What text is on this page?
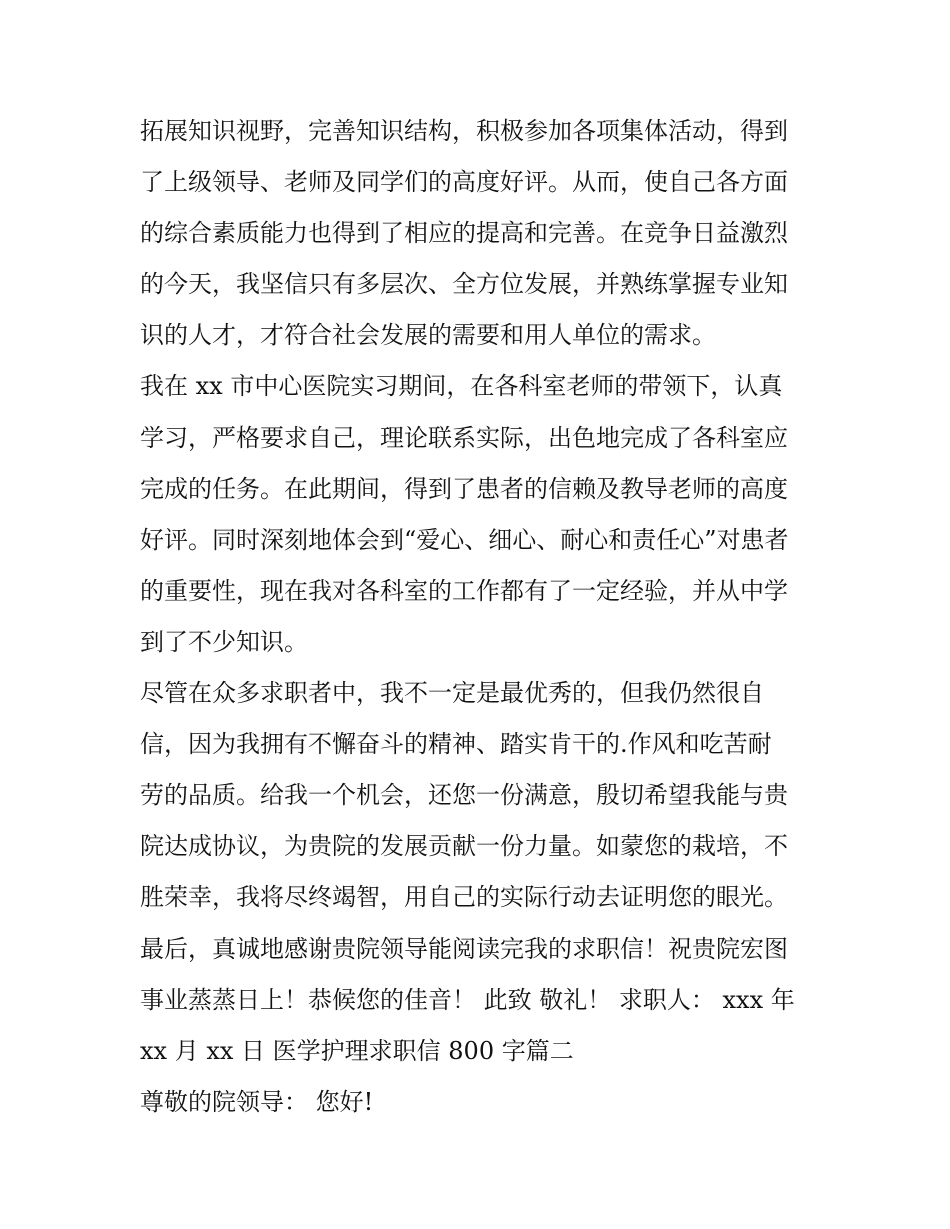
拓展知识视野，完善知识结构，积极参加各项集体活动，得到
了上级领导、老师及同学们的高度好评。从而，使自己各方面
的综合素质能力也得到了相应的提高和完善。在竞争日益激烈
的今天，我坚信只有多层次、全方位发展，并熟练掌握专业知
识的人才，才符合社会发展的需要和用人单位的需求。
我在 xx 市中心医院实习期间，在各科室老师的带领下，认真
学习，严格要求自己，理论联系实际，出色地完成了各科室应
完成的任务。在此期间，得到了患者的信赖及教导老师的高度
好评。同时深刻地体会到“爱心、细心、耐心和责任心”对患者
的重要性，现在我对各科室的工作都有了一定经验，并从中学
到了不少知识。
尽管在众多求职者中，我不一定是最优秀的，但我仍然很自
信，因为我拥有不懈奋斗的精神、踏实肯干的.作风和吃苦耐
劳的品质。给我一个机会，还您一份满意，殷切希望我能与贵
院达成协议，为贵院的发展贡献一份力量。如蒙您的栽培，不
胜荣幸，我将尽终竭智，用自己的实际行动去证明您的眼光。
最后，真诚地感谢贵院领导能阅读完我的求职信！祝贵院宏图
事业蒸蒸日上！恭候您的佳音！ 此致 敬礼！ 求职人： xxx 年
xx 月 xx 日 医学护理求职信 800 字篇二
尊敬的院领导： 您好!
